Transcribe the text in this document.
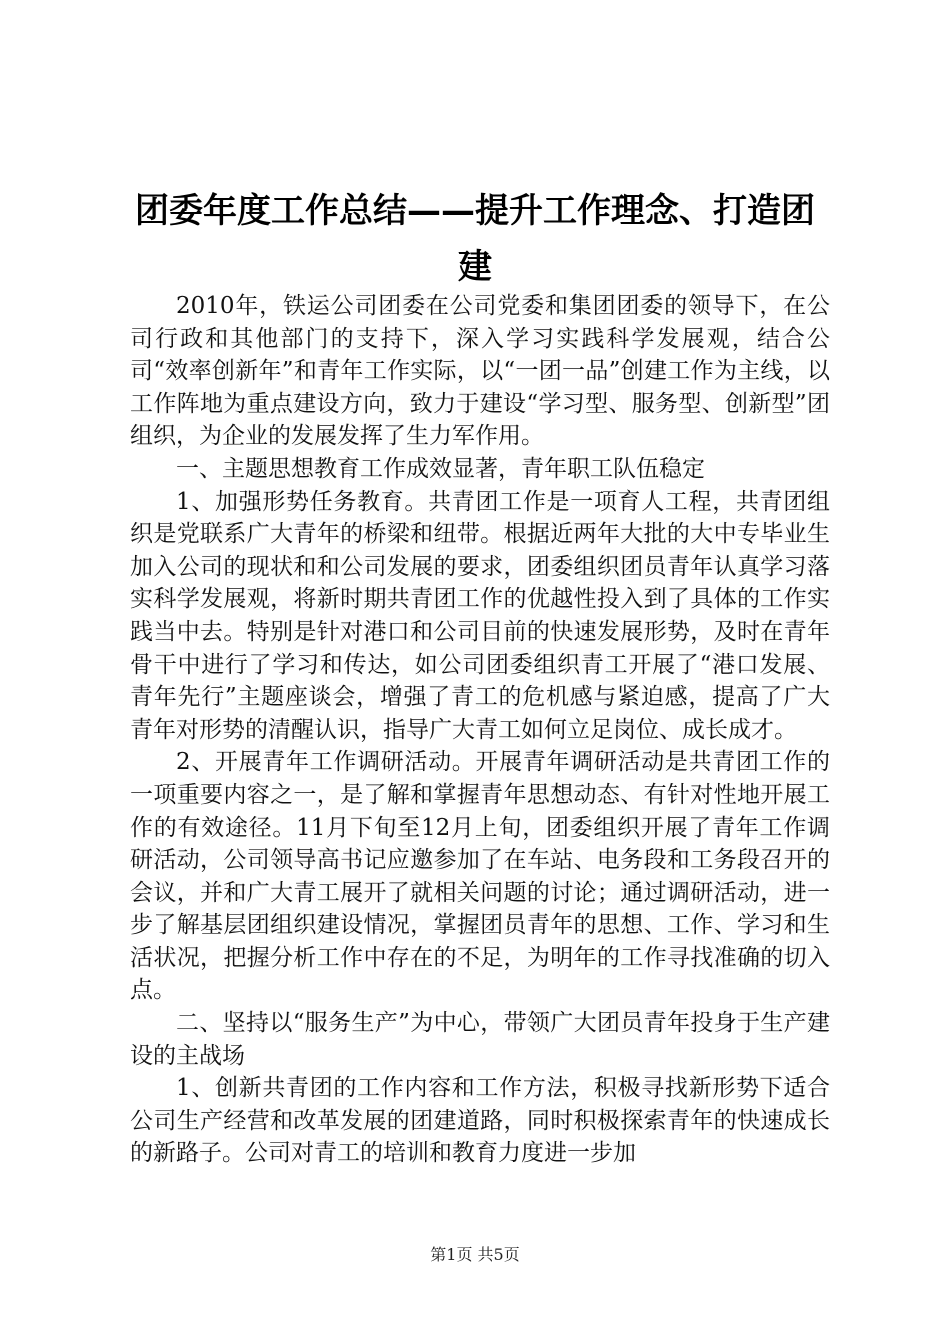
团委年度工作总结——提升工作理念、打造团建

2010年，铁运公司团委在公司党委和集团团委的领导下，在公司行政和其他部门的支持下，深入学习实践科学发展观，结合公司“效率创新年”和青年工作实际，以“一团一品”创建工作为主线，以工作阵地为重点建设方向，致力于建设“学习型、服务型、创新型”团组织，为企业的发展发挥了生力军作用。

一、主题思想教育工作成效显著，青年职工队伍稳定

1、加强形势任务教育。共青团工作是一项育人工程，共青团组织是党联系广大青年的桥梁和纽带。根据近两年大批的大中专毕业生加入公司的现状和和公司发展的要求，团委组织团员青年认真学习落实科学发展观，将新时期共青团工作的优越性投入到了具体的工作实践当中去。特别是针对港口和公司目前的快速发展形势，及时在青年骨干中进行了学习和传达，如公司团委组织青工开展了“港口发展、青年先行”主题座谈会，增强了青工的危机感与紧迫感，提高了广大青年对形势的清醒认识，指导广大青工如何立足岗位、成长成才。

2、开展青年工作调研活动。开展青年调研活动是共青团工作的一项重要内容之一，是了解和掌握青年思想动态、有针对性地开展工作的有效途径。11月下旬至12月上旬，团委组织开展了青年工作调研活动，公司领导高书记应邀参加了在车站、电务段和工务段召开的会议，并和广大青工展开了就相关问题的讨论；通过调研活动，进一步了解基层团组织建设情况，掌握团员青年的思想、工作、学习和生活状况，把握分析工作中存在的不足，为明年的工作寻找准确的切入点。

二、坚持以“服务生产”为中心，带领广大团员青年投身于生产建设的主战场

1、创新共青团的工作内容和工作方法，积极寻找新形势下适合公司生产经营和改革发展的团建道路，同时积极探索青年的快速成长的新路子。公司对青工的培训和教育力度进一步加

第1页 共5页
